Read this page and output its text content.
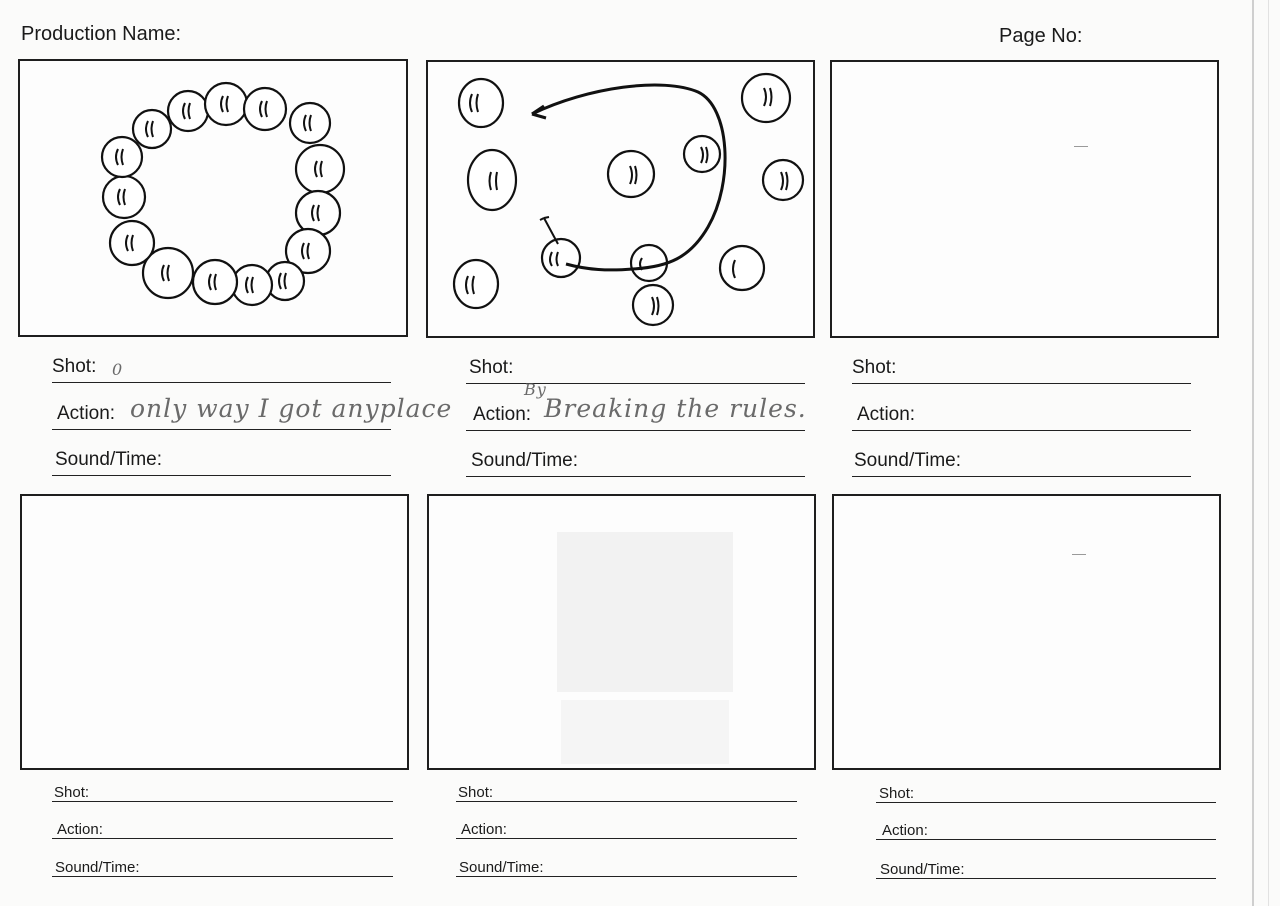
Production Name:	Page No:
Shot: 0
Action: only way I got anyplace
Sound/Time:
Shot:
Action:
By
Breaking the rules.
Sound/Time:
Shot:
Action:
Sound/Time:
Shot:
Action:
Sound/Time:
Shot:
Action:
Sound/Time:
Shot:
Action:
Sound/Time:
